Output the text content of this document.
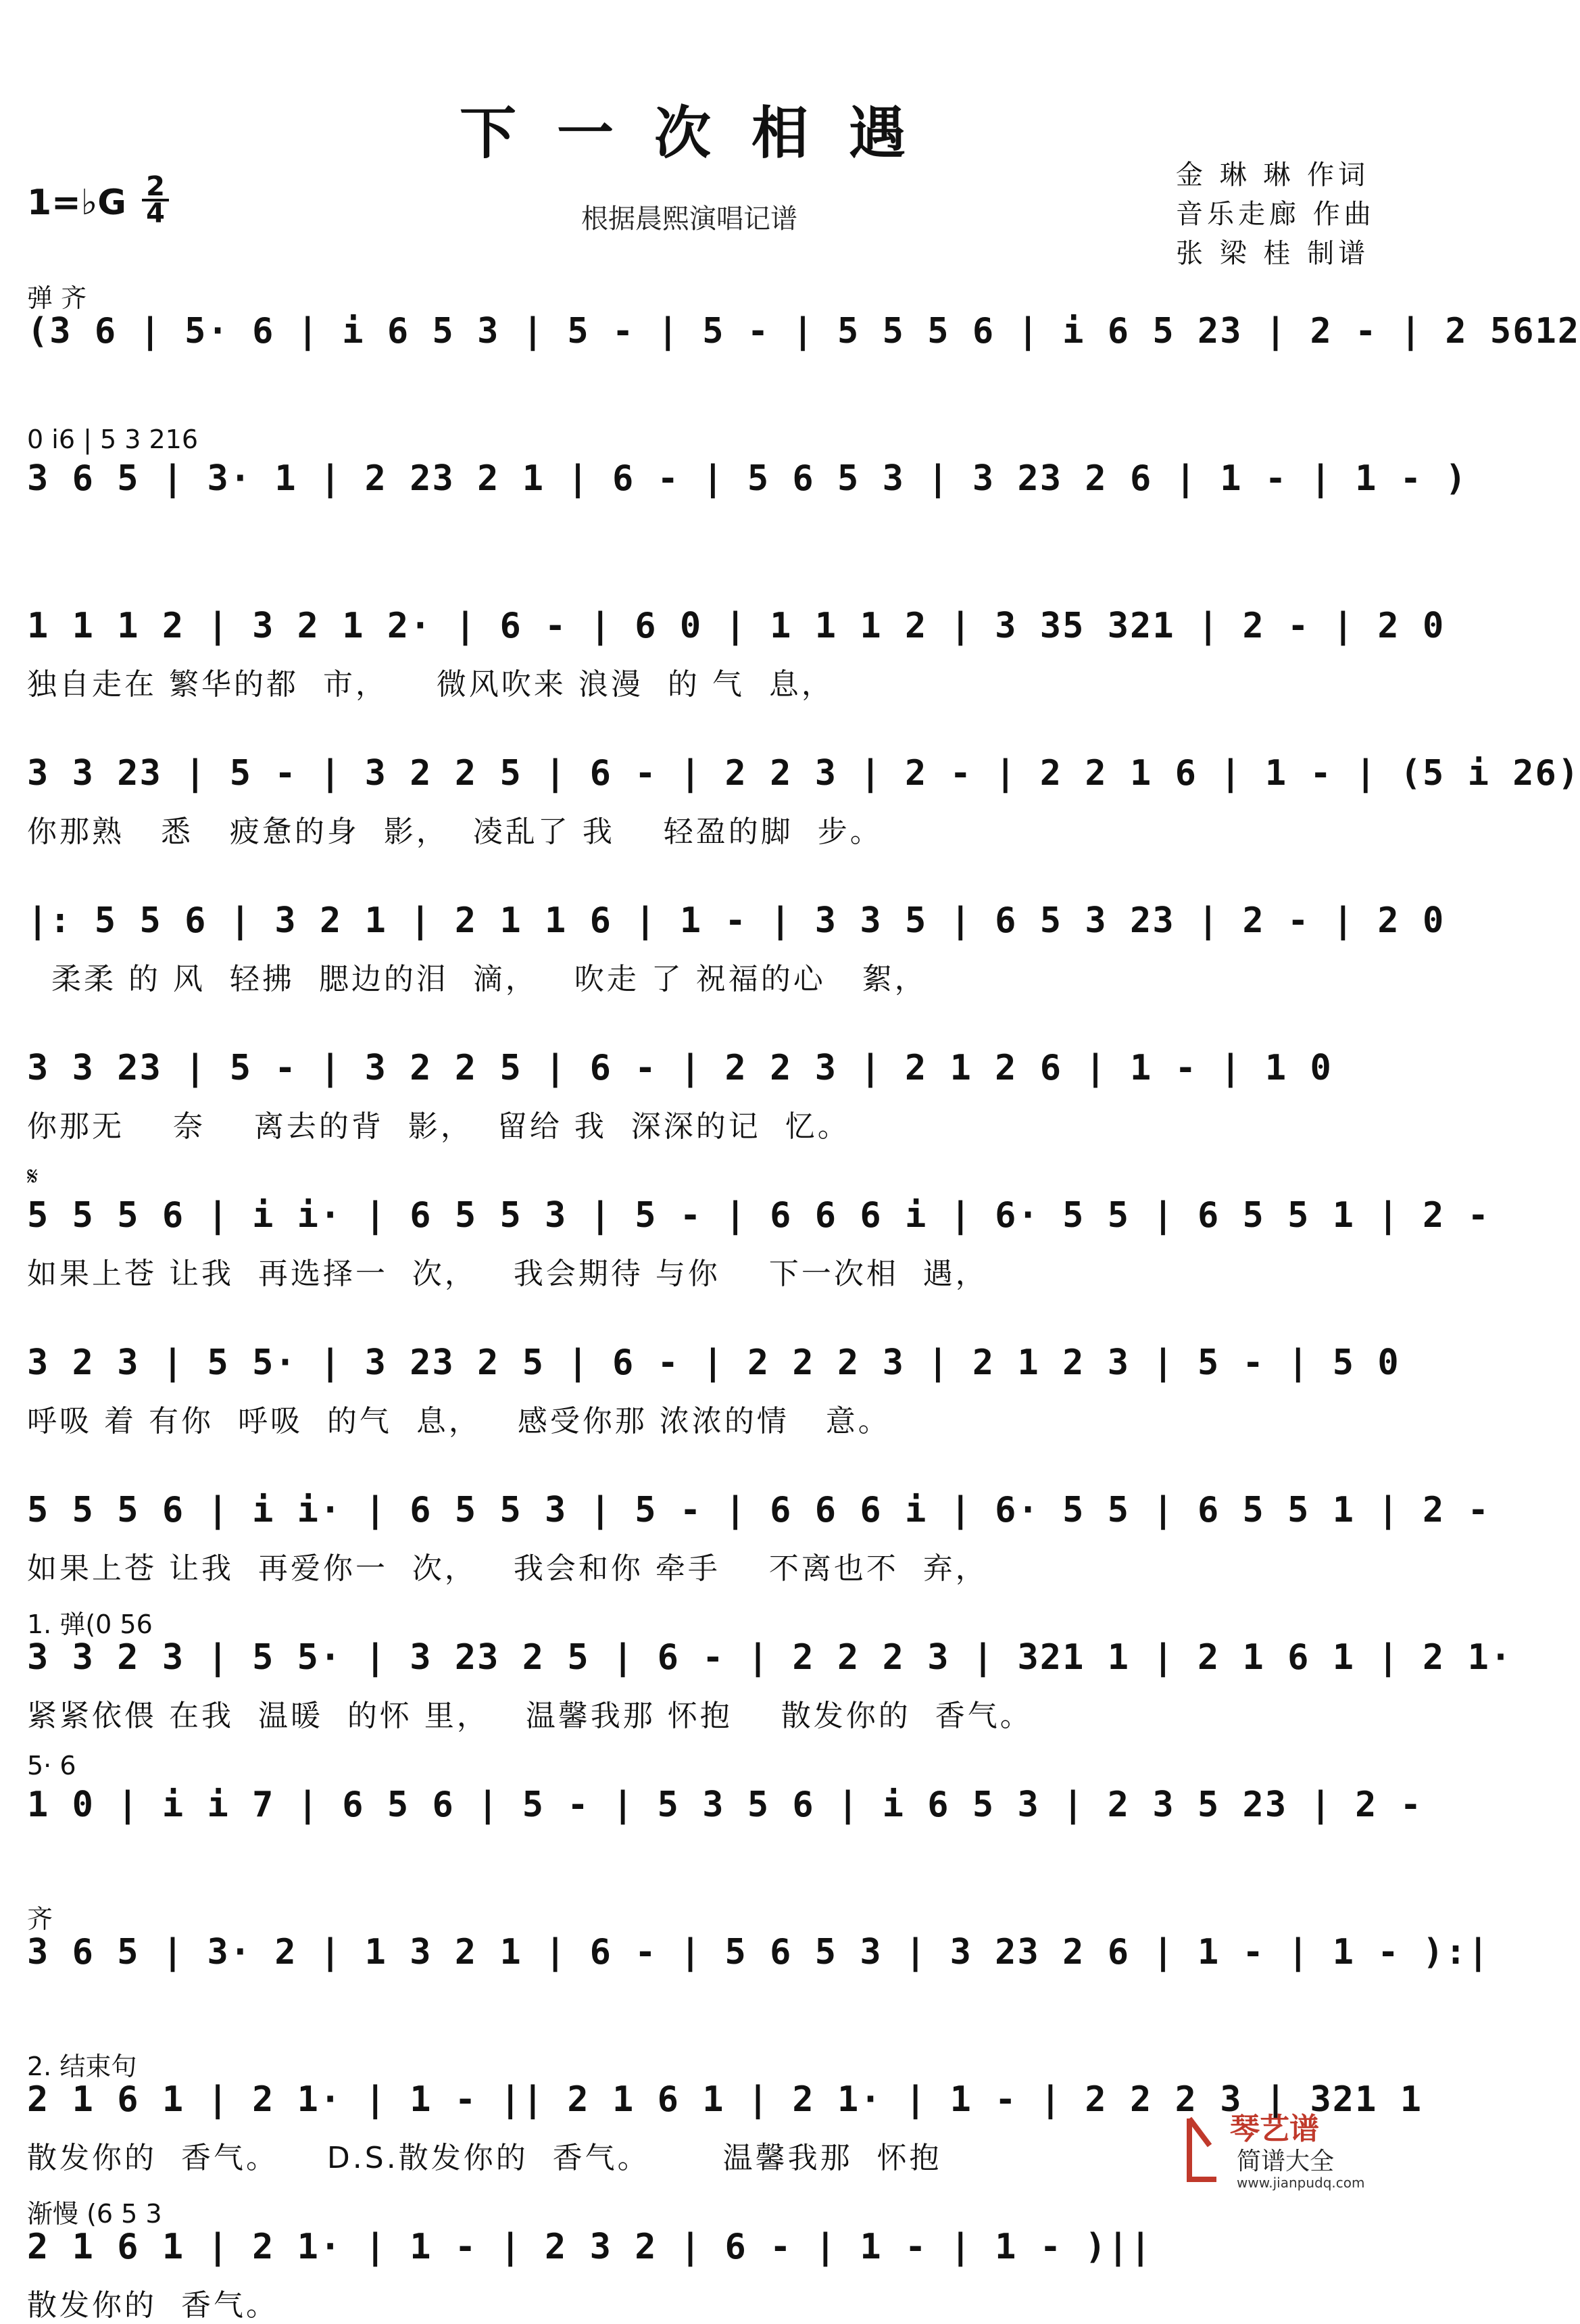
下一次相遇
1=♭G 2
4	根据晨熙演唱记谱
金 琳 琳 作词
音乐走廊 作曲
张 梁 桂 制谱
弹 齐
(3 6 | 5· 6 | i 6 5 3 | 5 - | 5 - | 5 5 5 6 | i 6 5 23 | 2 - | 2 5612
0 i6 | 5 3 216
3 6 5 | 3· 1 | 2 23 2 1 | 6 - | 5 6 5 3 | 3 23 2 6 | 1 - | 1 - )
1 1 1 2 | 3 2 1 2· | 6 - | 6 0 | 1 1 1 2 | 3 35 321 | 2 - | 2 0
独自走在 繁华的都  市，    微风吹来 浪漫  的 气  息，
3 3 23 | 5 - | 3 2 2 5 | 6 - | 2 2 3 | 2 - | 2 2 1 6 | 1 - | (5 i 26)
你那熟   悉   疲惫的身  影，  凌乱了 我    轻盈的脚  步。
|: 5 5 6 | 3 2 1 | 2 1 1 6 | 1 - | 3 3 5 | 6 5 3 23 | 2 - | 2 0
柔柔 的 风  轻拂  腮边的泪  滴，   吹走 了 祝福的心   絮，
3 3 23 | 5 - | 3 2 2 5 | 6 - | 2 2 3 | 2 1 2 6 | 1 - | 1 0
你那无    奈    离去的背  影，  留给 我  深深的记  忆。
𝄋
5 5 5 6 | i i· | 6 5 5 3 | 5 - | 6 6 6 i | 6· 5 5 | 6 5 5 1 | 2 -
如果上苍 让我  再选择一  次，   我会期待 与你    下一次相  遇，
3 2 3 | 5 5· | 3 23 2 5 | 6 - | 2 2 2 3 | 2 1 2 3 | 5 - | 5 0
呼吸 着 有你  呼吸  的气  息，   感受你那 浓浓的情   意。
5 5 5 6 | i i· | 6 5 5 3 | 5 - | 6 6 6 i | 6· 5 5 | 6 5 5 1 | 2 -
如果上苍 让我  再爱你一  次，   我会和你 牵手    不离也不  弃，
1. 弹(0 56
3 3 2 3 | 5 5· | 3 23 2 5 | 6 - | 2 2 2 3 | 321 1 | 2 1 6 1 | 2 1·
紧紧依偎 在我  温暖  的怀 里，   温馨我那 怀抱    散发你的  香气。
5· 6
1 0 | i i 7 | 6 5 6 | 5 - | 5 3 5 6 | i 6 5 3 | 2 3 5 23 | 2 -
齐
3 6 5 | 3· 2 | 1 3 2 1 | 6 - | 5 6 5 3 | 3 23 2 6 | 1 - | 1 - ):|
2. 结束句
2 1 6 1 | 2 1· | 1 - || 2 1 6 1 | 2 1· | 1 - | 2 2 2 3 | 321 1
散发你的  香气。    D.S.散发你的  香气。      温馨我那  怀抱
渐慢 (6 5 3
2 1 6 1 | 2 1· | 1 - | 2 3 2 | 6 - | 1 - | 1 - )||
散发你的  香气。
琴艺谱
简谱大全
www.jianpudq.com
